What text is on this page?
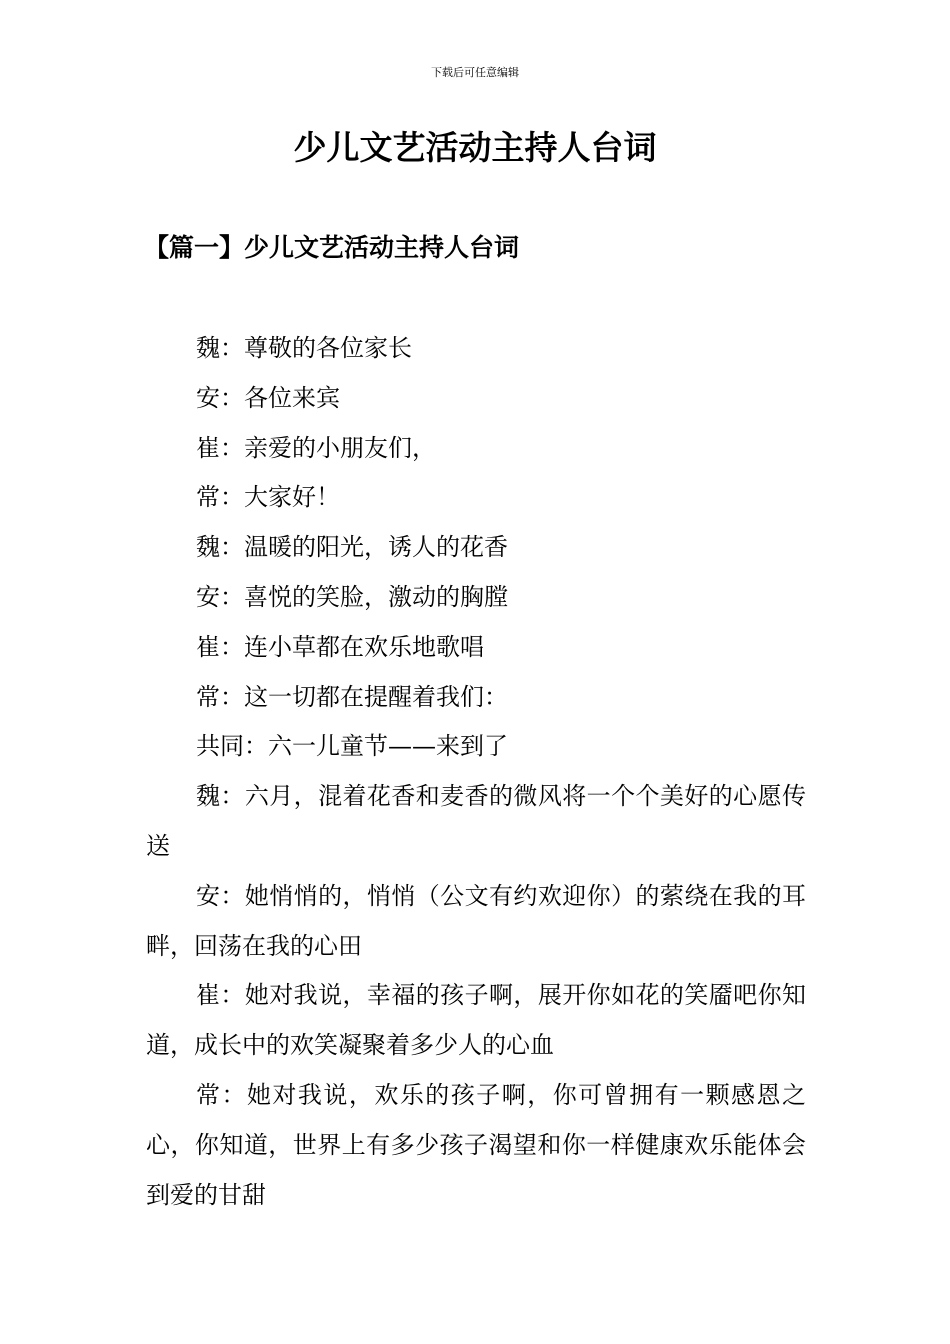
下载后可任意编辑
少儿文艺活动主持人台词
【篇一】少儿文艺活动主持人台词

魏：尊敬的各位家长

安：各位来宾

崔：亲爱的小朋友们，

常：大家好！

魏：温暖的阳光，诱人的花香

安：喜悦的笑脸，激动的胸膛

崔：连小草都在欢乐地歌唱

常：这一切都在提醒着我们：

共同：六一儿童节——来到了

魏：六月，混着花香和麦香的微风将一个个美好的心愿传送

安：她悄悄的，悄悄（公文有约欢迎你）的萦绕在我的耳畔，回荡在我的心田

崔：她对我说，幸福的孩子啊，展开你如花的笑靥吧你知道，成长中的欢笑凝聚着多少人的心血

常：她对我说，欢乐的孩子啊，你可曾拥有一颗感恩之心，你知道，世界上有多少孩子渴望和你一样健康欢乐能体会到爱的甘甜
